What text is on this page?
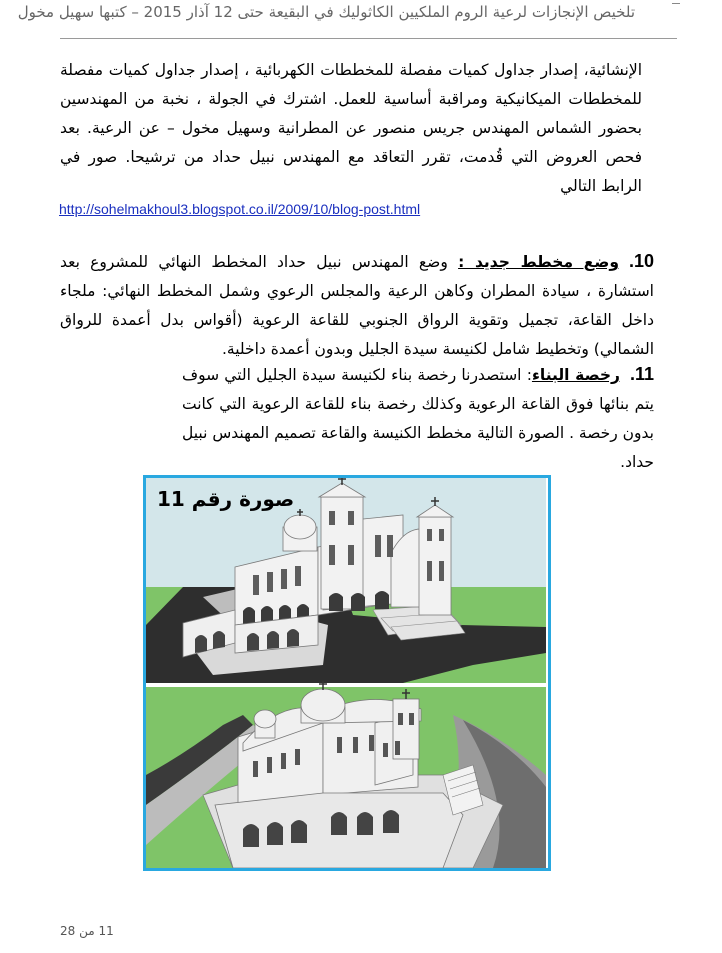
تلخيص الإنجازات لرعية الروم الملكيين الكاثوليك في البقيعة حتى 12 آذار 2015 – كتبها سهيل مخول
الإنشائية، إصدار جداول كميات مفصلة للمخططات الكهربائية ، إصدار جداول كميات مفصلة للمخططات الميكانيكية ومراقبة أساسية للعمل. اشترك في الجولة ، نخبة من المهندسين بحضور الشماس المهندس جريس منصور عن المطرانية وسهيل مخول – عن الرعية. بعد فحص العروض التي قُدمت، تقرر التعاقد مع المهندس نبيل حداد من ترشيحا. صور في الرابط التالي
http://sohelmakhoul3.blogspot.co.il/2009/10/blog-post.html
10.وضع مخطط جديد : وضع المهندس نبيل حداد المخطط النهائي للمشروع بعد استشارة ، سيادة المطران وكاهن الرعية والمجلس الرعوي وشمل المخطط النهائي: ملجاء داخل القاعة، تجميل وتقوية الرواق الجنوبي للقاعة الرعوية (أقواس بدل أعمدة للرواق الشمالي) وتخطيط شامل لكنيسة سيدة الجليل وبدون أعمدة داخلية.
11.رخصة البناء: استصدرنا رخصة بناء لكنيسة سيدة الجليل التي سوف يتم بنائها فوق القاعة الرعوية وكذلك رخصة بناء للقاعة الرعوية التي كانت بدون رخصة . الصورة التالية مخطط الكنيسة والقاعة تصميم المهندس نبيل حداد.
صورة رقم 11
11 من 28
